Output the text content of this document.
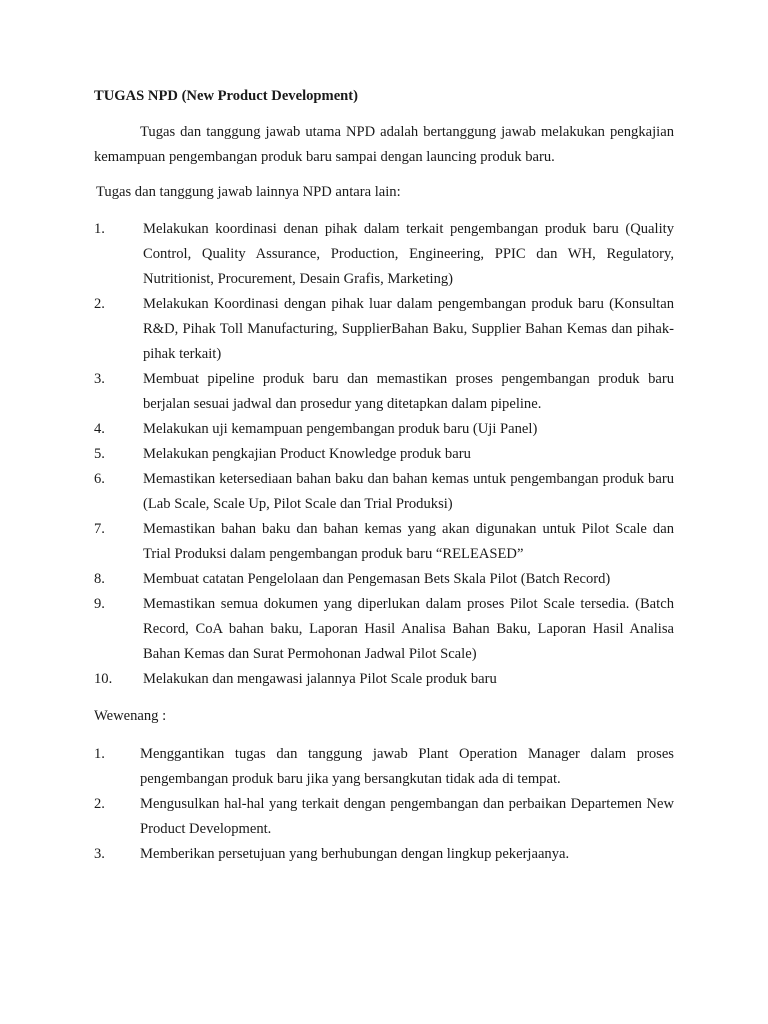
TUGAS NPD (New Product Development)

Tugas dan tanggung jawab utama NPD adalah bertanggung jawab melakukan pengkajian kemampuan pengembangan produk baru sampai dengan launcing produk baru.

Tugas dan tanggung jawab lainnya NPD antara lain:

1.	Melakukan koordinasi denan pihak dalam terkait pengembangan produk baru (Quality Control, Quality Assurance, Production, Engineering, PPIC dan WH, Regulatory, Nutritionist, Procurement, Desain Grafis, Marketing)
2.	Melakukan Koordinasi dengan pihak luar dalam pengembangan produk baru (Konsultan R&D, Pihak Toll Manufacturing, SupplierBahan Baku, Supplier Bahan Kemas dan pihak-pihak terkait)
3.	Membuat pipeline produk baru dan memastikan proses pengembangan produk baru berjalan sesuai jadwal dan prosedur yang ditetapkan dalam pipeline.
4.	Melakukan uji kemampuan pengembangan produk baru (Uji Panel)
5.	Melakukan pengkajian Product Knowledge produk baru
6.	Memastikan ketersediaan bahan baku dan bahan kemas untuk pengembangan produk baru (Lab Scale, Scale Up, Pilot Scale dan Trial Produksi)
7.	Memastikan bahan baku dan bahan kemas yang akan digunakan untuk Pilot Scale dan Trial Produksi dalam pengembangan produk baru “RELEASED”
8.	Membuat catatan Pengelolaan dan Pengemasan Bets Skala Pilot (Batch Record)
9.	Memastikan semua dokumen yang diperlukan dalam proses Pilot Scale tersedia. (Batch Record, CoA bahan baku, Laporan Hasil Analisa Bahan Baku, Laporan Hasil Analisa Bahan Kemas dan Surat Permohonan Jadwal Pilot Scale)
10.	Melakukan dan mengawasi jalannya Pilot Scale produk baru

Wewenang :

1.	Menggantikan tugas dan tanggung jawab Plant Operation Manager dalam proses pengembangan produk baru jika yang bersangkutan tidak ada di tempat.
2.	Mengusulkan hal-hal yang terkait dengan pengembangan dan perbaikan Departemen New Product Development.
3.	Memberikan persetujuan yang berhubungan dengan lingkup pekerjaanya.
